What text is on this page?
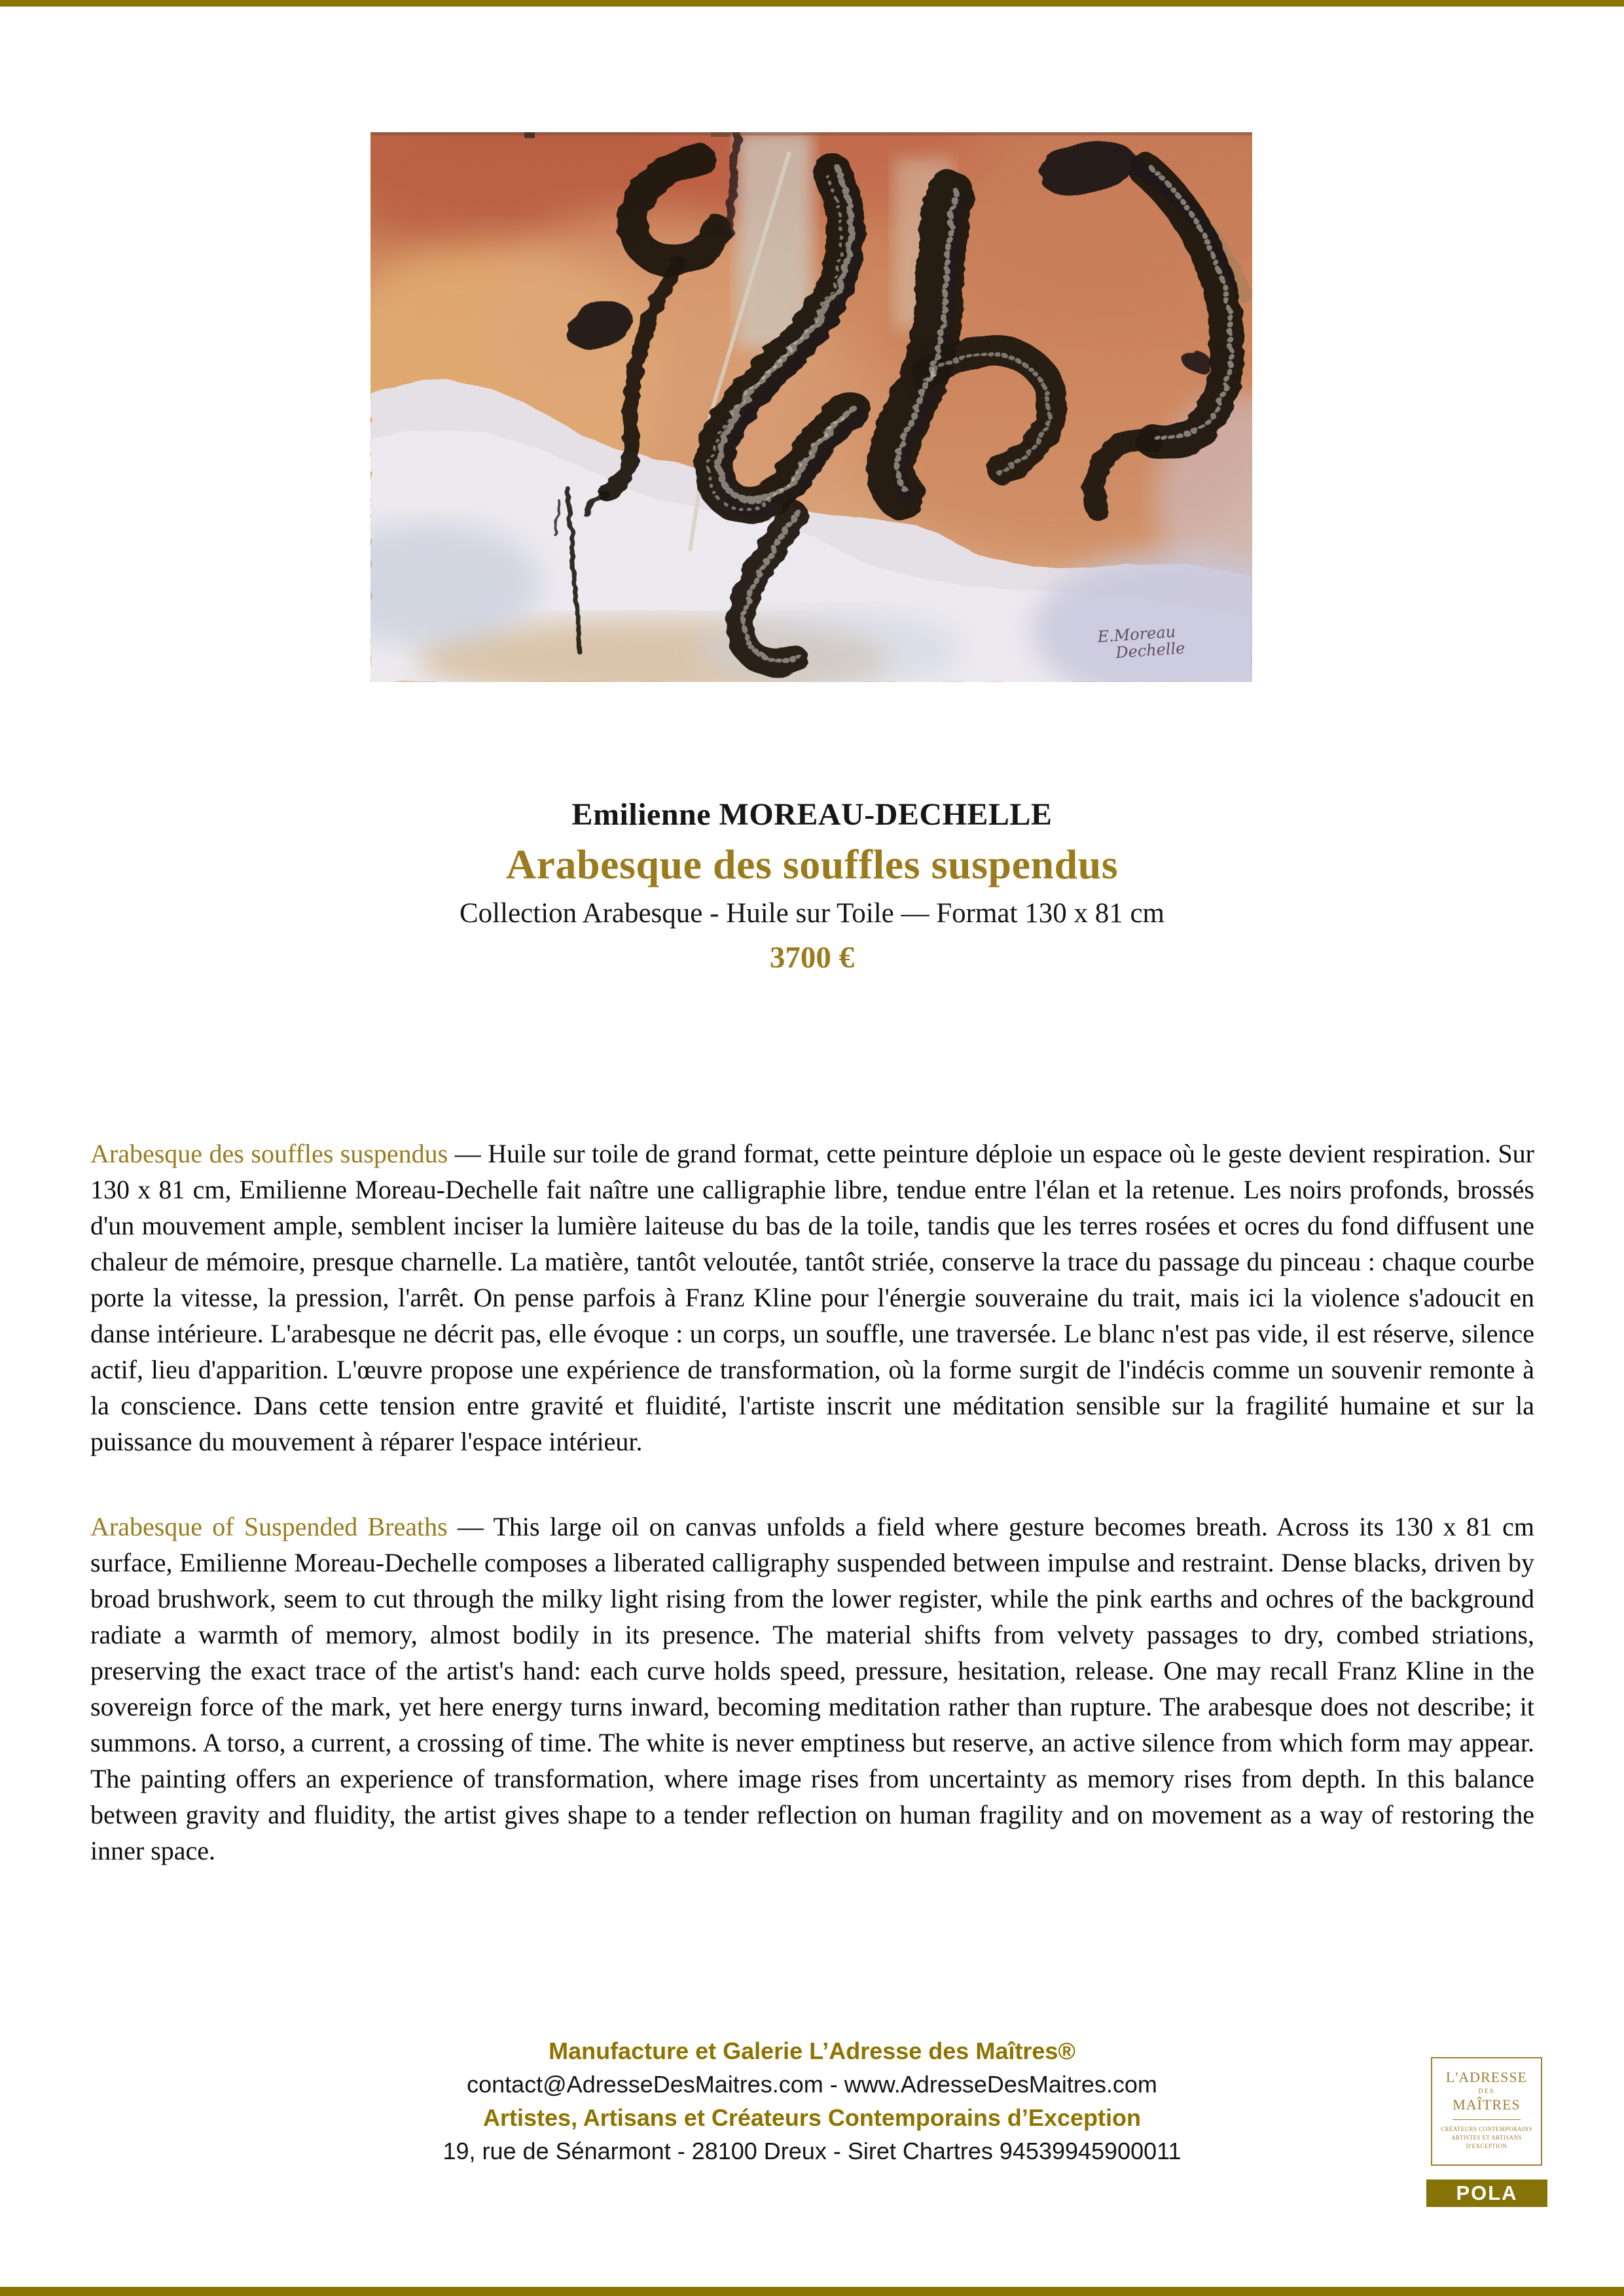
E.Moreau
Dechelle
Emilienne MOREAU-DECHELLE
Arabesque des souffles suspendus
Collection Arabesque - Huile sur Toile — Format 130 x 81 cm
3700 €

Arabesque des souffles suspendus — Huile sur toile de grand format, cette peinture déploie un espace où le geste devient respiration. Sur 130 x 81 cm, Emilienne Moreau-Dechelle fait naître une calligraphie libre, tendue entre l'élan et la retenue. Les noirs profonds, brossés d'un mouvement ample, semblent inciser la lumière laiteuse du bas de la toile, tandis que les terres rosées et ocres du fond diffusent une chaleur de mémoire, presque charnelle. La matière, tantôt veloutée, tantôt striée, conserve la trace du passage du pinceau : chaque courbe porte la vitesse, la pression, l'arrêt. On pense parfois à Franz Kline pour l'énergie souveraine du trait, mais ici la violence s'adoucit en danse intérieure. L'arabesque ne décrit pas, elle évoque : un corps, un souffle, une traversée. Le blanc n'est pas vide, il est réserve, silence actif, lieu d'apparition. L'œuvre propose une expérience de transformation, où la forme surgit de l'indécis comme un souvenir remonte à la conscience. Dans cette tension entre gravité et fluidité, l'artiste inscrit une méditation sensible sur la fragilité humaine et sur la puissance du mouvement à réparer l'espace intérieur.

Arabesque of Suspended Breaths — This large oil on canvas unfolds a field where gesture becomes breath. Across its 130 x 81 cm surface, Emilienne Moreau-Dechelle composes a liberated calligraphy suspended between impulse and restraint. Dense blacks, driven by broad brushwork, seem to cut through the milky light rising from the lower register, while the pink earths and ochres of the background radiate a warmth of memory, almost bodily in its presence. The material shifts from velvety passages to dry, combed striations, preserving the exact trace of the artist's hand: each curve holds speed, pressure, hesitation, release. One may recall Franz Kline in the sovereign force of the mark, yet here energy turns inward, becoming meditation rather than rupture. The arabesque does not describe; it summons. A torso, a current, a crossing of time. The white is never emptiness but reserve, an active silence from which form may appear. The painting offers an experience of transformation, where image rises from uncertainty as memory rises from depth. In this balance between gravity and fluidity, the artist gives shape to a tender reflection on human fragility and on movement as a way of restoring the inner space.

Manufacture et Galerie L’Adresse des Maîtres®
contact@AdresseDesMaitres.com - www.AdresseDesMaitres.com
Artistes, Artisans et Créateurs Contemporains d’Exception
19, rue de Sénarmont - 28100 Dreux - Siret Chartres 94539945900011
L'ADRESSE
DES
MAÎTRES
CRÉATEURS CONTEMPORAINS
ARTISTES ET ARTISANS
D'EXCEPTION
POLA
